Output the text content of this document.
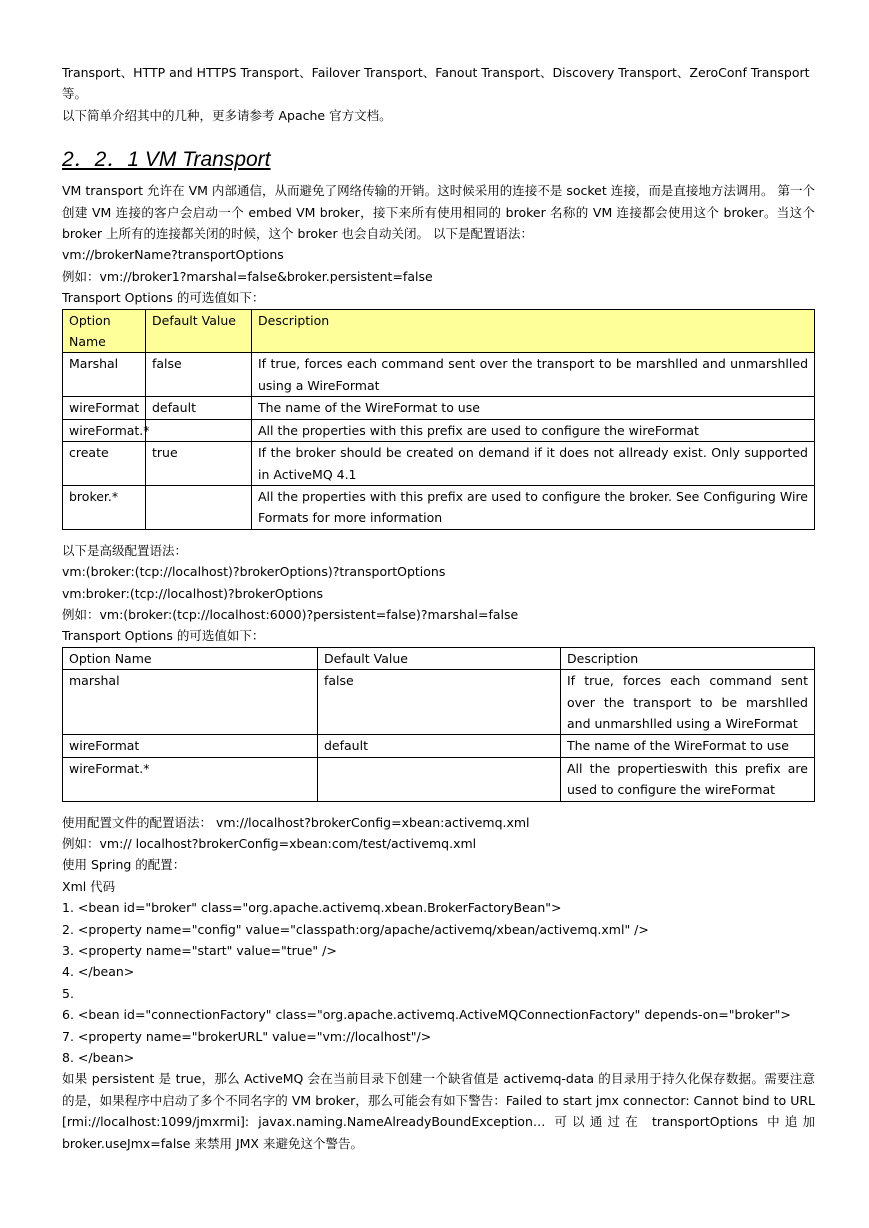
Transport、HTTP and HTTPS Transport、Failover Transport、Fanout Transport、Discovery Transport、ZeroConf Transport 等。

以下简单介绍其中的几种，更多请参考 Apache 官方文档。

2．2．1 VM Transport

VM transport 允许在 VM 内部通信，从而避免了网络传输的开销。这时候采用的连接不是 socket 连接，而是直接地方法调用。 第一个创建 VM 连接的客户会启动一个 embed VM broker，接下来所有使用相同的 broker 名称的 VM 连接都会使用这个 broker。当这个 broker 上所有的连接都关闭的时候，这个 broker 也会自动关闭。 以下是配置语法：

vm://brokerName?transportOptions

例如：vm://broker1?marshal=false&broker.persistent=false

Transport Options 的可选值如下：

Option Name	Default Value	Description
Marshal	false	If true, forces each command sent over the transport to be marshlled and unmarshlled using a WireFormat
wireFormat	default	The name of the WireFormat to use
wireFormat.*		All the properties with this prefix are used to configure the wireFormat
create	true	If the broker should be created on demand if it does not allready exist. Only supported in ActiveMQ 4.1
broker.*		All the properties with this prefix are used to configure the broker. See Configuring Wire Formats for more information

以下是高级配置语法：

vm:(broker:(tcp://localhost)?brokerOptions)?transportOptions

vm:broker:(tcp://localhost)?brokerOptions

例如：vm:(broker:(tcp://localhost:6000)?persistent=false)?marshal=false

Transport Options 的可选值如下：

Option Name	Default Value	Description
marshal	false	If true, forces each command sent over the transport to be marshlled and unmarshlled using a WireFormat
wireFormat	default	The name of the WireFormat to use
wireFormat.*		All the propertieswith this prefix are used to configure the wireFormat

使用配置文件的配置语法： vm://localhost?brokerConfig=xbean:activemq.xml

例如：vm:// localhost?brokerConfig=xbean:com/test/activemq.xml

使用 Spring 的配置：

Xml 代码

1. <bean id="broker" class="org.apache.activemq.xbean.BrokerFactoryBean">

2. <property name="config" value="classpath:org/apache/activemq/xbean/activemq.xml" />

3. <property name="start" value="true" />

4. </bean>

5.

6. <bean id="connectionFactory" class="org.apache.activemq.ActiveMQConnectionFactory" depends-on="broker">

7. <property name="brokerURL" value="vm://localhost"/>

8. </bean>

如果 persistent 是 true，那么 ActiveMQ 会在当前目录下创建一个缺省值是 activemq-data 的目录用于持久化保存数据。需要注意的是，如果程序中启动了多个不同名字的 VM broker，那么可能会有如下警告：Failed to start jmx connector: Cannot bind to URL [rmi://localhost:1099/jmxrmi]: javax.naming.NameAlreadyBoundException… 可以通过在 transportOptions 中追加 broker.useJmx=false 来禁用 JMX 来避免这个警告。
